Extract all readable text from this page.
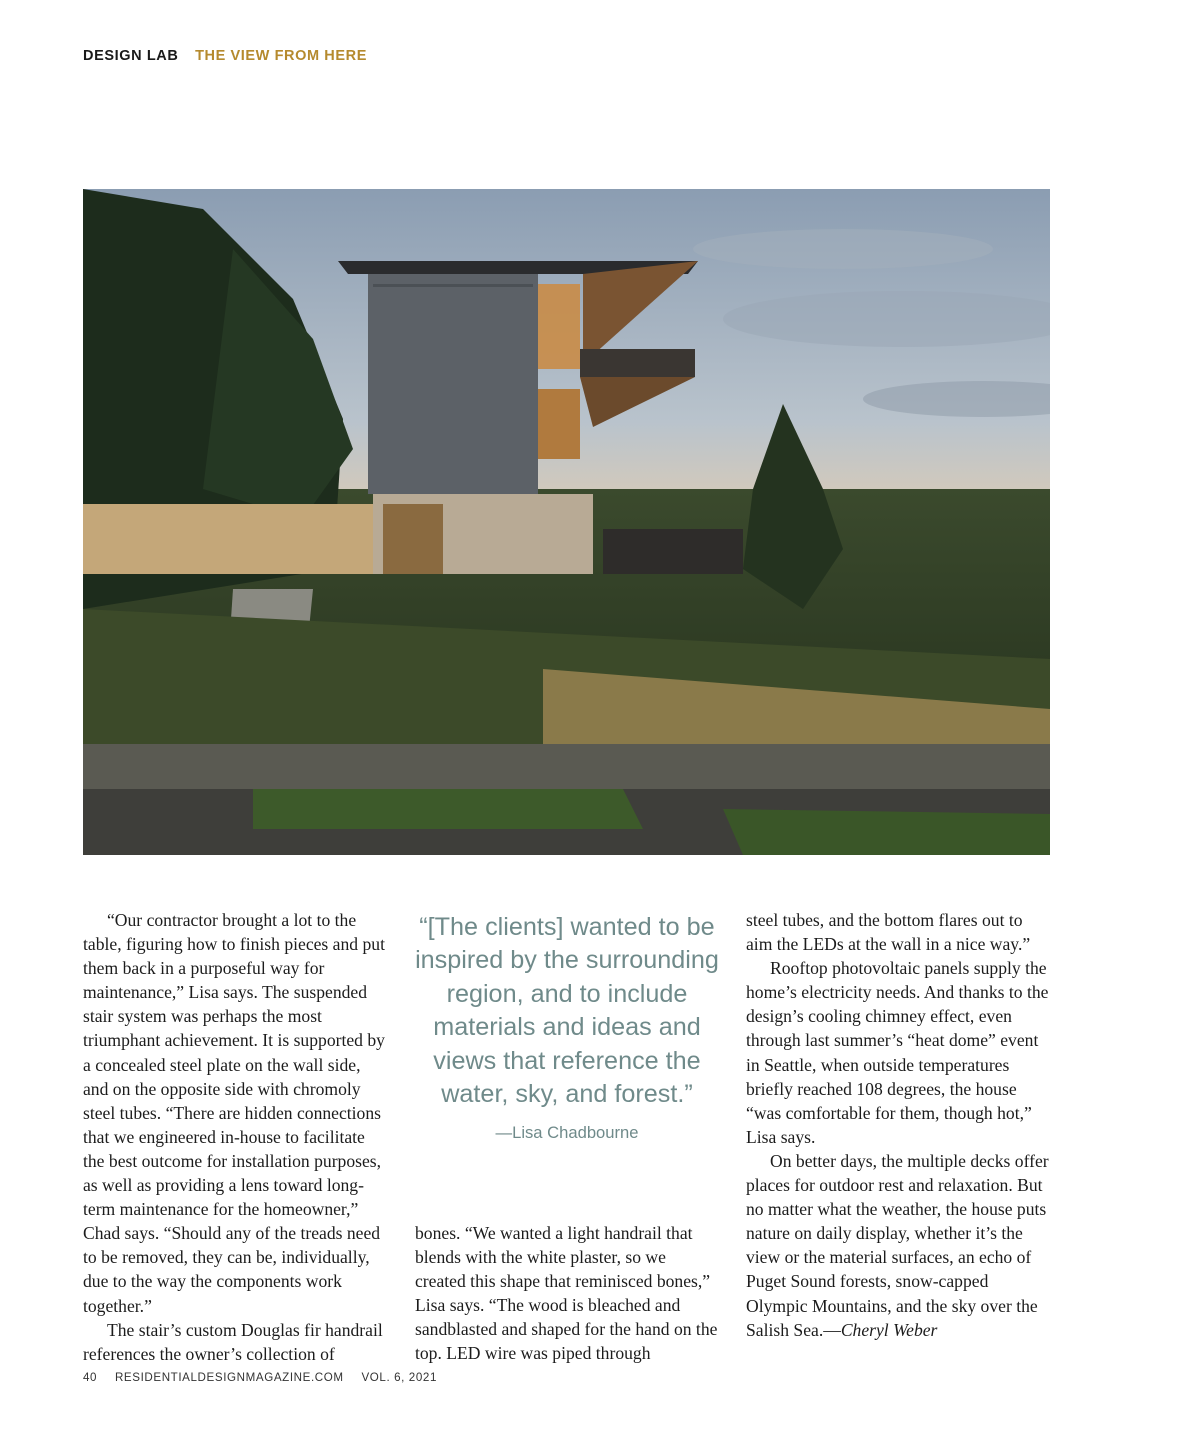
DESIGN LAB THE VIEW FROM HERE

“Our contractor brought a lot to the table, figuring how to finish pieces and put them back in a purposeful way for maintenance,” Lisa says. The suspended stair system was perhaps the most triumphant achievement. It is supported by a concealed steel plate on the wall side, and on the opposite side with chromoly steel tubes. “There are hidden connections that we engineered in-house to facilitate the best outcome for installation purposes, as well as providing a lens toward long-term maintenance for the homeowner,” Chad says. “Should any of the treads need to be removed, they can be, individually, due to the way the components work together.”

The stair’s custom Douglas fir handrail references the owner’s collection of

“[The clients] wanted to be inspired by the surrounding region, and to include materials and ideas and views that reference the water, sky, and forest.”

—Lisa Chadbourne

bones. “We wanted a light handrail that blends with the white plaster, so we created this shape that reminisced bones,” Lisa says. “The wood is bleached and sandblasted and shaped for the hand on the top. LED wire was piped through

steel tubes, and the bottom flares out to aim the LEDs at the wall in a nice way.”

Rooftop photovoltaic panels supply the home’s electricity needs. And thanks to the design’s cooling chimney effect, even through last summer’s “heat dome” event in Seattle, when outside temperatures briefly reached 108 degrees, the house “was comfortable for them, though hot,” Lisa says.

On better days, the multiple decks offer places for outdoor rest and relaxation. But no matter what the weather, the house puts nature on daily display, whether it’s the view or the material surfaces, an echo of Puget Sound forests, snow-capped Olympic Mountains, and the sky over the Salish Sea.—Cheryl Weber

40 RESIDENTIALDESIGNMAGAZINE.COM VOL. 6, 2021
